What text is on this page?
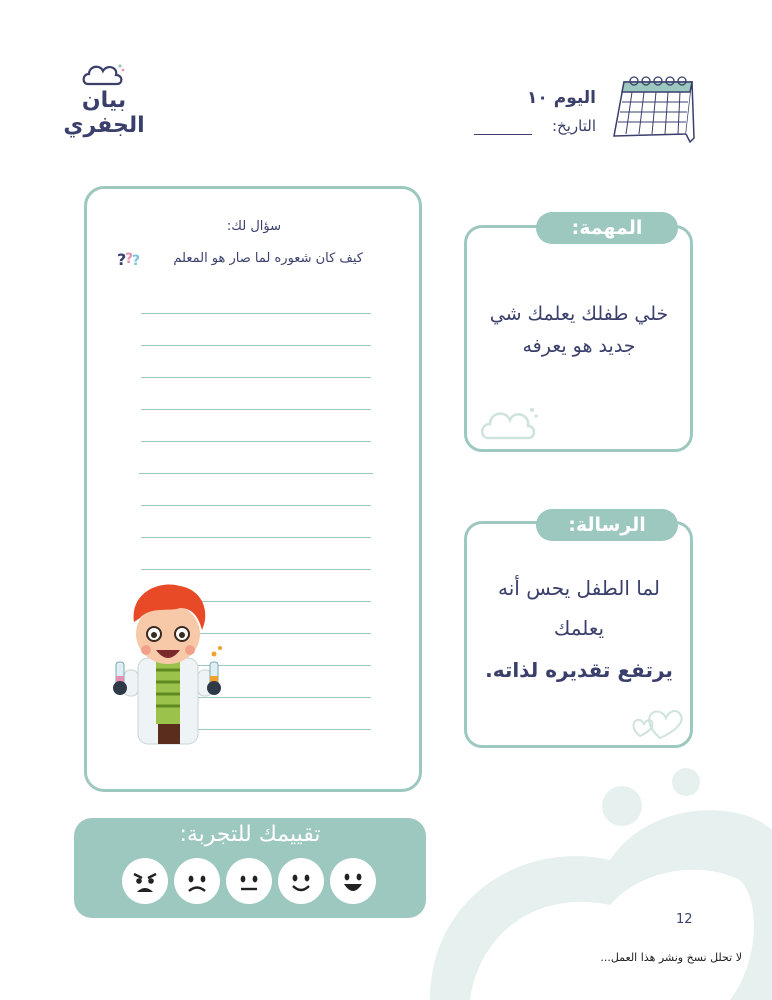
بيان الجفري
اليوم ١٠
التاريخ:
سؤال لك:
كيف كان شعوره لما صار هو المعلم
?
?
?
خلي طفلك يعلمك شي جديد هو يعرفه
المهمة:
لما الطفل يحس أنه
يعلمك
يرتفع تقديره لذاته.
الرسالة:
تقييمك للتجربة:
12
لا تحلل نسخ ونشر هذا العمل...
